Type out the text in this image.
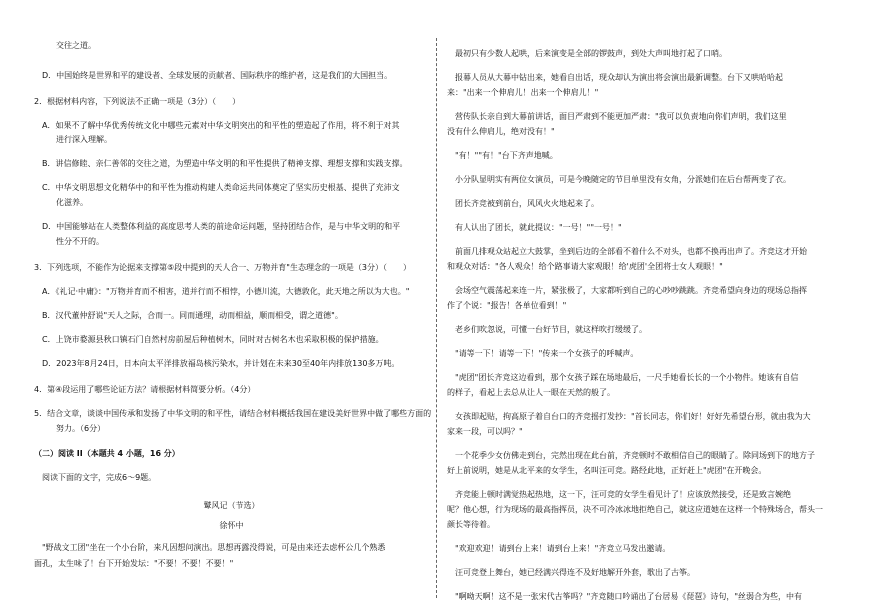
交往之道。
D．中国始终是世界和平的建设者、全球发展的贡献者、国际秩序的维护者，这是我们的大国担当。
2．根据材料内容，下列说法不正确一项是（3分）（　　）
A．如果不了解中华优秀传统文化中哪些元素对中华文明突出的和平性的塑造起了作用，将不利于对其
进行深入理解。
B．讲信修睦、亲仁善邻的交往之道，为塑造中华文明的和平性提供了精神支撑、理想支撑和实践支撑。
C．中华文明思想文化精华中的和平性为推动构建人类命运共同体奠定了坚实历史根基、提供了充沛文
化滋养。
D．中国能够站在人类整体利益的高度思考人类的前途命运问题，坚持团结合作，是与中华文明的和平
性分不开的。
3．下列选项，不能作为论据来支撑第⑤段中提到的天人合一、万物并育"生态理念的一项是（3分）（　　）
A．《礼记·中庸》："万物并育而不相害，道并行而不相悖，小德川流，大德敦化，此天地之所以为大也。"
B．汉代董仲舒说"天人之际，合而一。同而通理，动而相益，顺而相受，谓之道德"。
C．上饶市婺源县秋口镇石门自然村房前屋后种植树木，同时对古树名木也采取积极的保护措施。
D．2023年8月24日，日本向太平洋排放福岛核污染水，并计划在未来30至40年内排放130多万吨。
4．第④段运用了哪些论证方法？请根据材料简要分析。（4分）
5．结合文章，谈谈中国传承和发扬了中华文明的和平性，请结合材料概括我国在建设美好世界中做了哪些方面的
努力。（6分）
（二）阅读 II（本题共 4 小题，16 分）
阅读下面的文字，完成6～9题。
鼙风记（节选）
徐怀中
"野战文工团"坐在一个小台阶，来凡因想问演出。思想再露没得说，可是由来还去虑杯公几个熟悉
面孔，太生味了！台下开始发坛："不要！不要！不要！"
最初只有少数人起哄，后来演变是全部的锣鼓声，到处大声叫地打起了口哨。
报幕人员从大幕中钻出来，她看自出话，现众却认为演出将会演出最新调整。台下又哄哈哈起
来："出来一个伸肩儿！出来一个伸肩儿！"
营传队长亲自到大幕前讲话，面目严肃到不能更加严肃："我可以负责地向你们声明，我们这里
没有什么伸肩儿，绝对没有！"
"有！""有！"台下齐声地喊。
小分队显明实有两位女演员，可是今晚随定的节目单里没有女角，分派她们在后台帮两变了衣。
团长齐竞被到前台，风风火火地起来了。
有人认出了团长，就此提议："一号！""一号！"
前面几排观众站起立大鼓掌，坐到后边的全部看不着什么不对头，也都不换再出声了。齐竞这才开始
和观众对话："各人观众！给个路事请大家观眼！给'虎团'全团将士女人观眼！"
会场空气震荡起来连一片，紧张极了，大家都听到自己的心吵吵跳跳。齐竞希望向身边的现场总指挥
作了个说："报告！各单位看到！"
老乡们吹忽说，可懂一台好节目，就这样吹打缓缓了。
"请等一下！请等一下！"传来一个女孩子的呼喊声。
"虎团"团长齐竞这边看到，那个女孩子踩在场地最后，一尺手她看长长的一个小物件。她该有自信
的样子，看起上去总从让人一眼在天然的般了。
女孩即起贴，拘高原子着自台口的齐竞摇打发抄："首长同志，你们好！好好先希望台形，就由我为大
家来一段，可以吗？"
一个花季少女仿佛走到台，完然出现在此台前，齐竞顿时不敢相信自己的眼睛了。除同场到下的地方子
好上前说明，她是从北平来的女学生，名叫汪可竞。路经此地，正好赶上"虎团"在开晚会。
齐竞能上顿时满觉热起热地，这一下，汪可竞的女学生看见计了！应该放然接受，还是致言婉绝
呢？他心想，行为现场的最高指挥员，决不可冷冰冰地拒绝自己，就这应道她在这样一个特殊场合，帮头一
颜长等待着。
"欢迎欢迎！请到台上来！请到台上来！"齐竞立马发出邀请。
汪可竞登上舞台，她已经满兴得连不及好地解开外套，歌出了古筝。
"啊呦天啊！这不是一张宋代古筝吗？"齐竞随口吟诵出了台居易《琵琶》诗句，"丝弱合为些，中有
